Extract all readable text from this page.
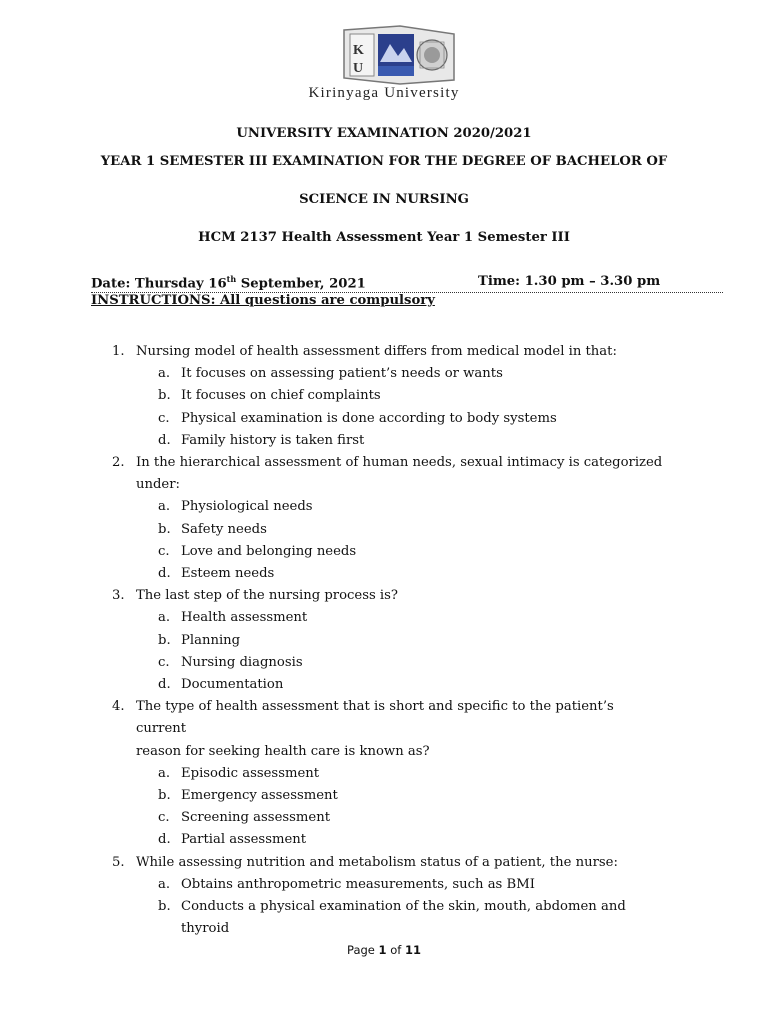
K
U
Kirinyaga University
UNIVERSITY EXAMINATION 2020/2021
YEAR 1 SEMESTER III EXAMINATION FOR THE DEGREE OF BACHELOR OF
SCIENCE IN NURSING
HCM 2137 Health Assessment Year 1 Semester III
Date: Thursday 16th September, 2021	Time: 1.30 pm – 3.30 pm
INSTRUCTIONS: All questions are compulsory
1. Nursing model of health assessment differs from medical model in that:
a. It focuses on assessing patient’s needs or wants
b. It focuses on chief complaints
c. Physical examination is done according to body systems
d. Family history is taken first
2. In the hierarchical assessment of human needs, sexual intimacy is categorized
under:
a. Physiological needs
b. Safety needs
c. Love and belonging needs
d. Esteem needs
3. The last step of the nursing process is?
a. Health assessment
b. Planning
c. Nursing diagnosis
d. Documentation
4. The type of health assessment that is short and specific to the patient’s current
reason for seeking health care is known as?
a. Episodic assessment
b. Emergency assessment
c. Screening assessment
d. Partial assessment
5. While assessing nutrition and metabolism status of a patient, the nurse:
a. Obtains anthropometric measurements, such as BMI
b. Conducts a physical examination of the skin, mouth, abdomen and
thyroid
Page 1 of 11
